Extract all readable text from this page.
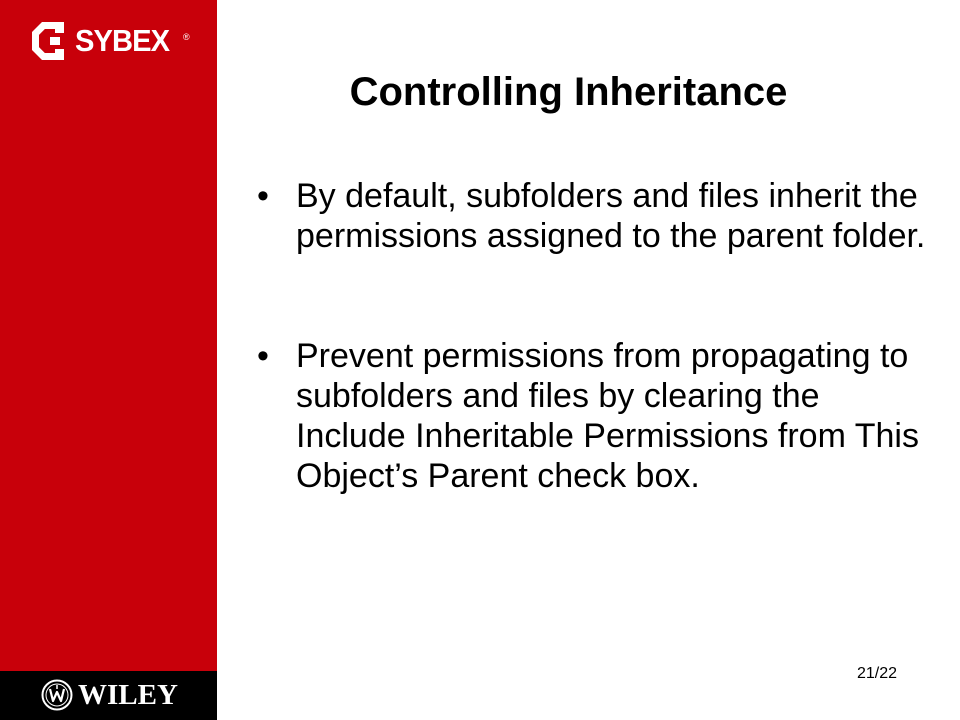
SYBEX ®
WILEY
Controlling Inheritance
• By default, subfolders and files inherit the permissions assigned to the parent folder.
• Prevent permissions from propagating to subfolders and files by clearing the Include Inheritable Permissions from This Object’s Parent check box.
21/22
